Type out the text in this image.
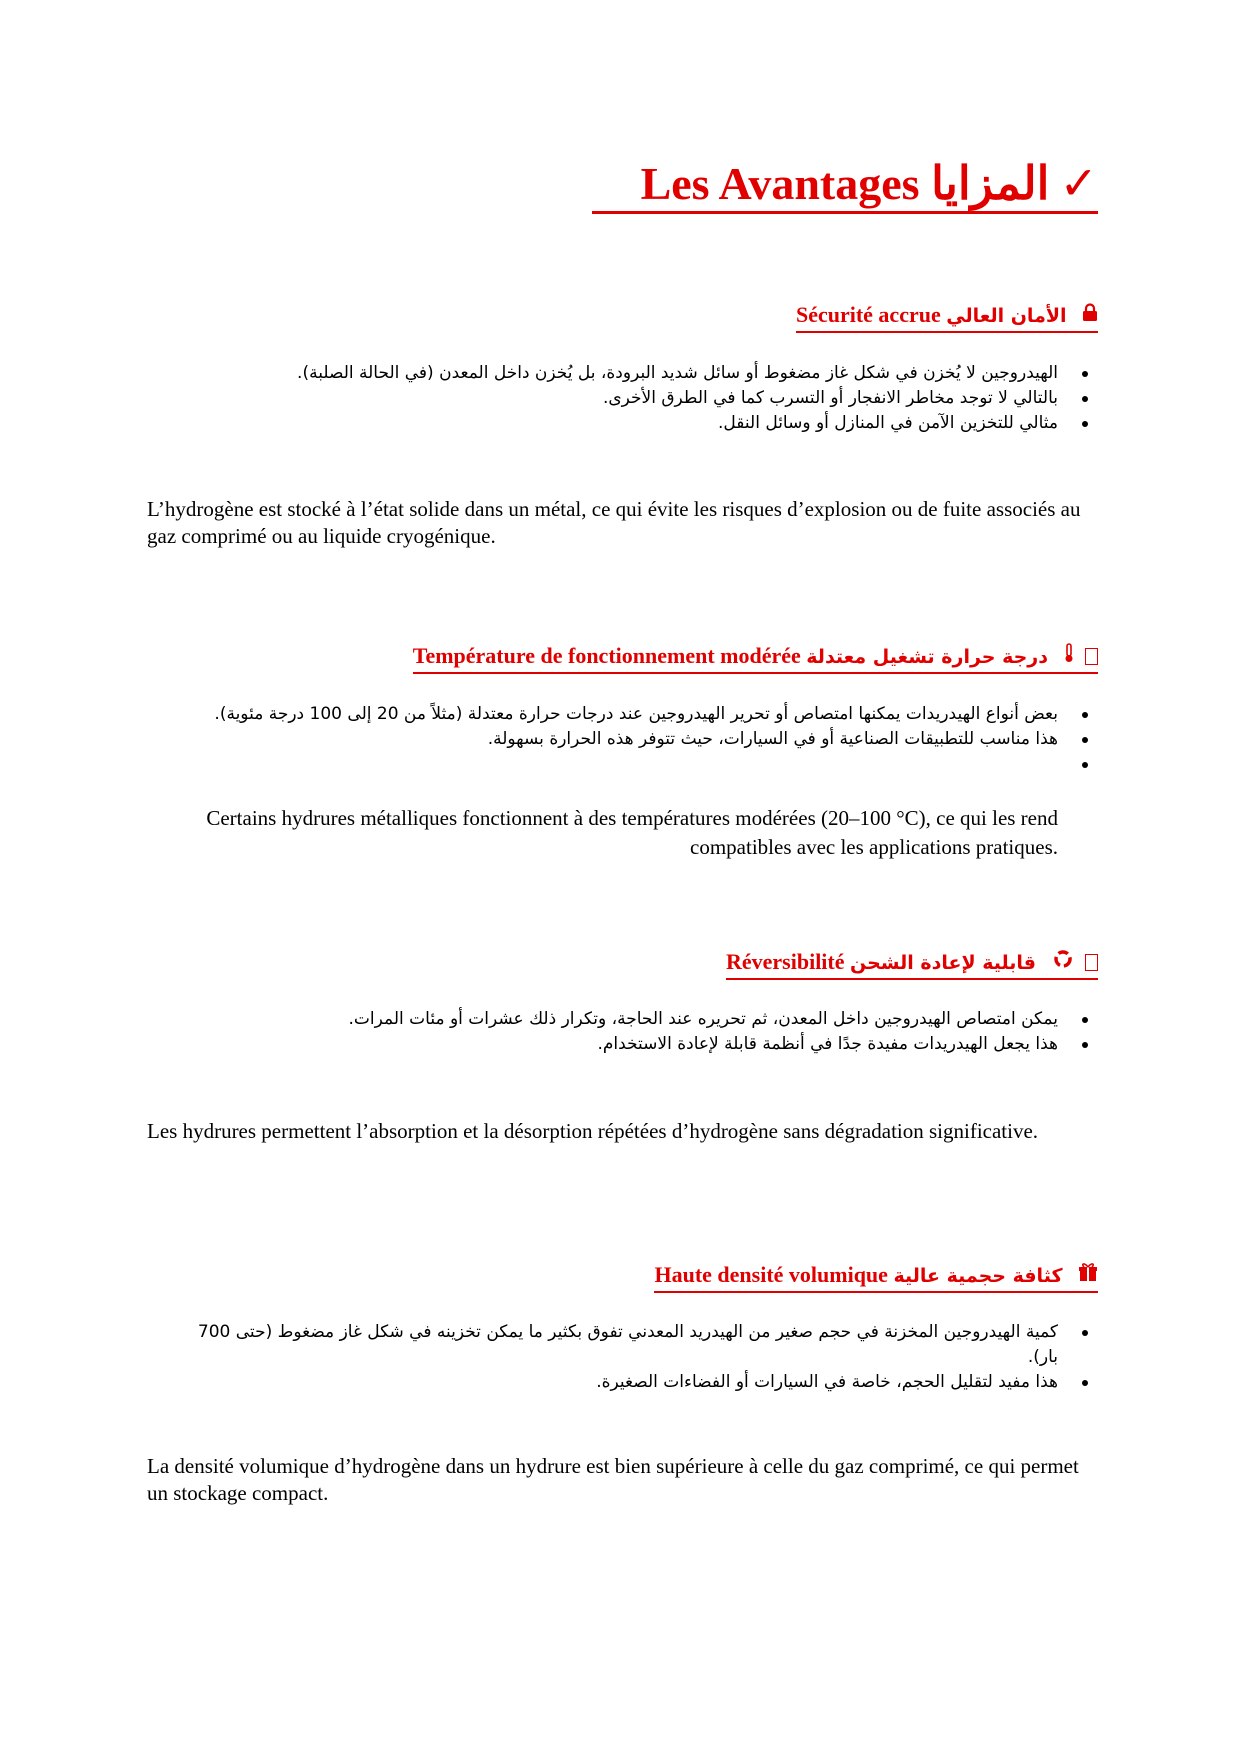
Les Avantages المزايا ✓
Sécurité accrue الأمان العالي
الهيدروجين لا يُخزن في شكل غاز مضغوط أو سائل شديد البرودة، بل يُخزن داخل المعدن (في الحالة الصلبة).
بالتالي لا توجد مخاطر الانفجار أو التسرب كما في الطرق الأخرى.
مثالي للتخزين الآمن في المنازل أو وسائل النقل.
L’hydrogène est stocké à l’état solide dans un métal, ce qui évite les risques d’explosion ou de fuite associés au gaz comprimé ou au liquide cryogénique.
Température de fonctionnement modérée درجة حرارة تشغيل معتدلة
بعض أنواع الهيدريدات يمكنها امتصاص أو تحرير الهيدروجين عند درجات حرارة معتدلة (مثلاً من 20 إلى 100 درجة مئوية).
هذا مناسب للتطبيقات الصناعية أو في السيارات، حيث تتوفر هذه الحرارة بسهولة.
Certains hydrures métalliques fonctionnent à des températures modérées (20–100 °C), ce qui les rend compatibles avec les applications pratiques.
Réversibilité قابلية لإعادة الشحن
يمكن امتصاص الهيدروجين داخل المعدن، ثم تحريره عند الحاجة، وتكرار ذلك عشرات أو مئات المرات.
هذا يجعل الهيدريدات مفيدة جدًا في أنظمة قابلة لإعادة الاستخدام.
Les hydrures permettent l’absorption et la désorption répétées d’hydrogène sans dégradation significative.
Haute densité volumique كثافة حجمية عالية
كمية الهيدروجين المخزنة في حجم صغير من الهيدريد المعدني تفوق بكثير ما يمكن تخزينه في شكل غاز مضغوط (حتى 700 بار).
هذا مفيد لتقليل الحجم، خاصة في السيارات أو الفضاءات الصغيرة.
La densité volumique d’hydrogène dans un hydrure est bien supérieure à celle du gaz comprimé, ce qui permet un stockage compact.
